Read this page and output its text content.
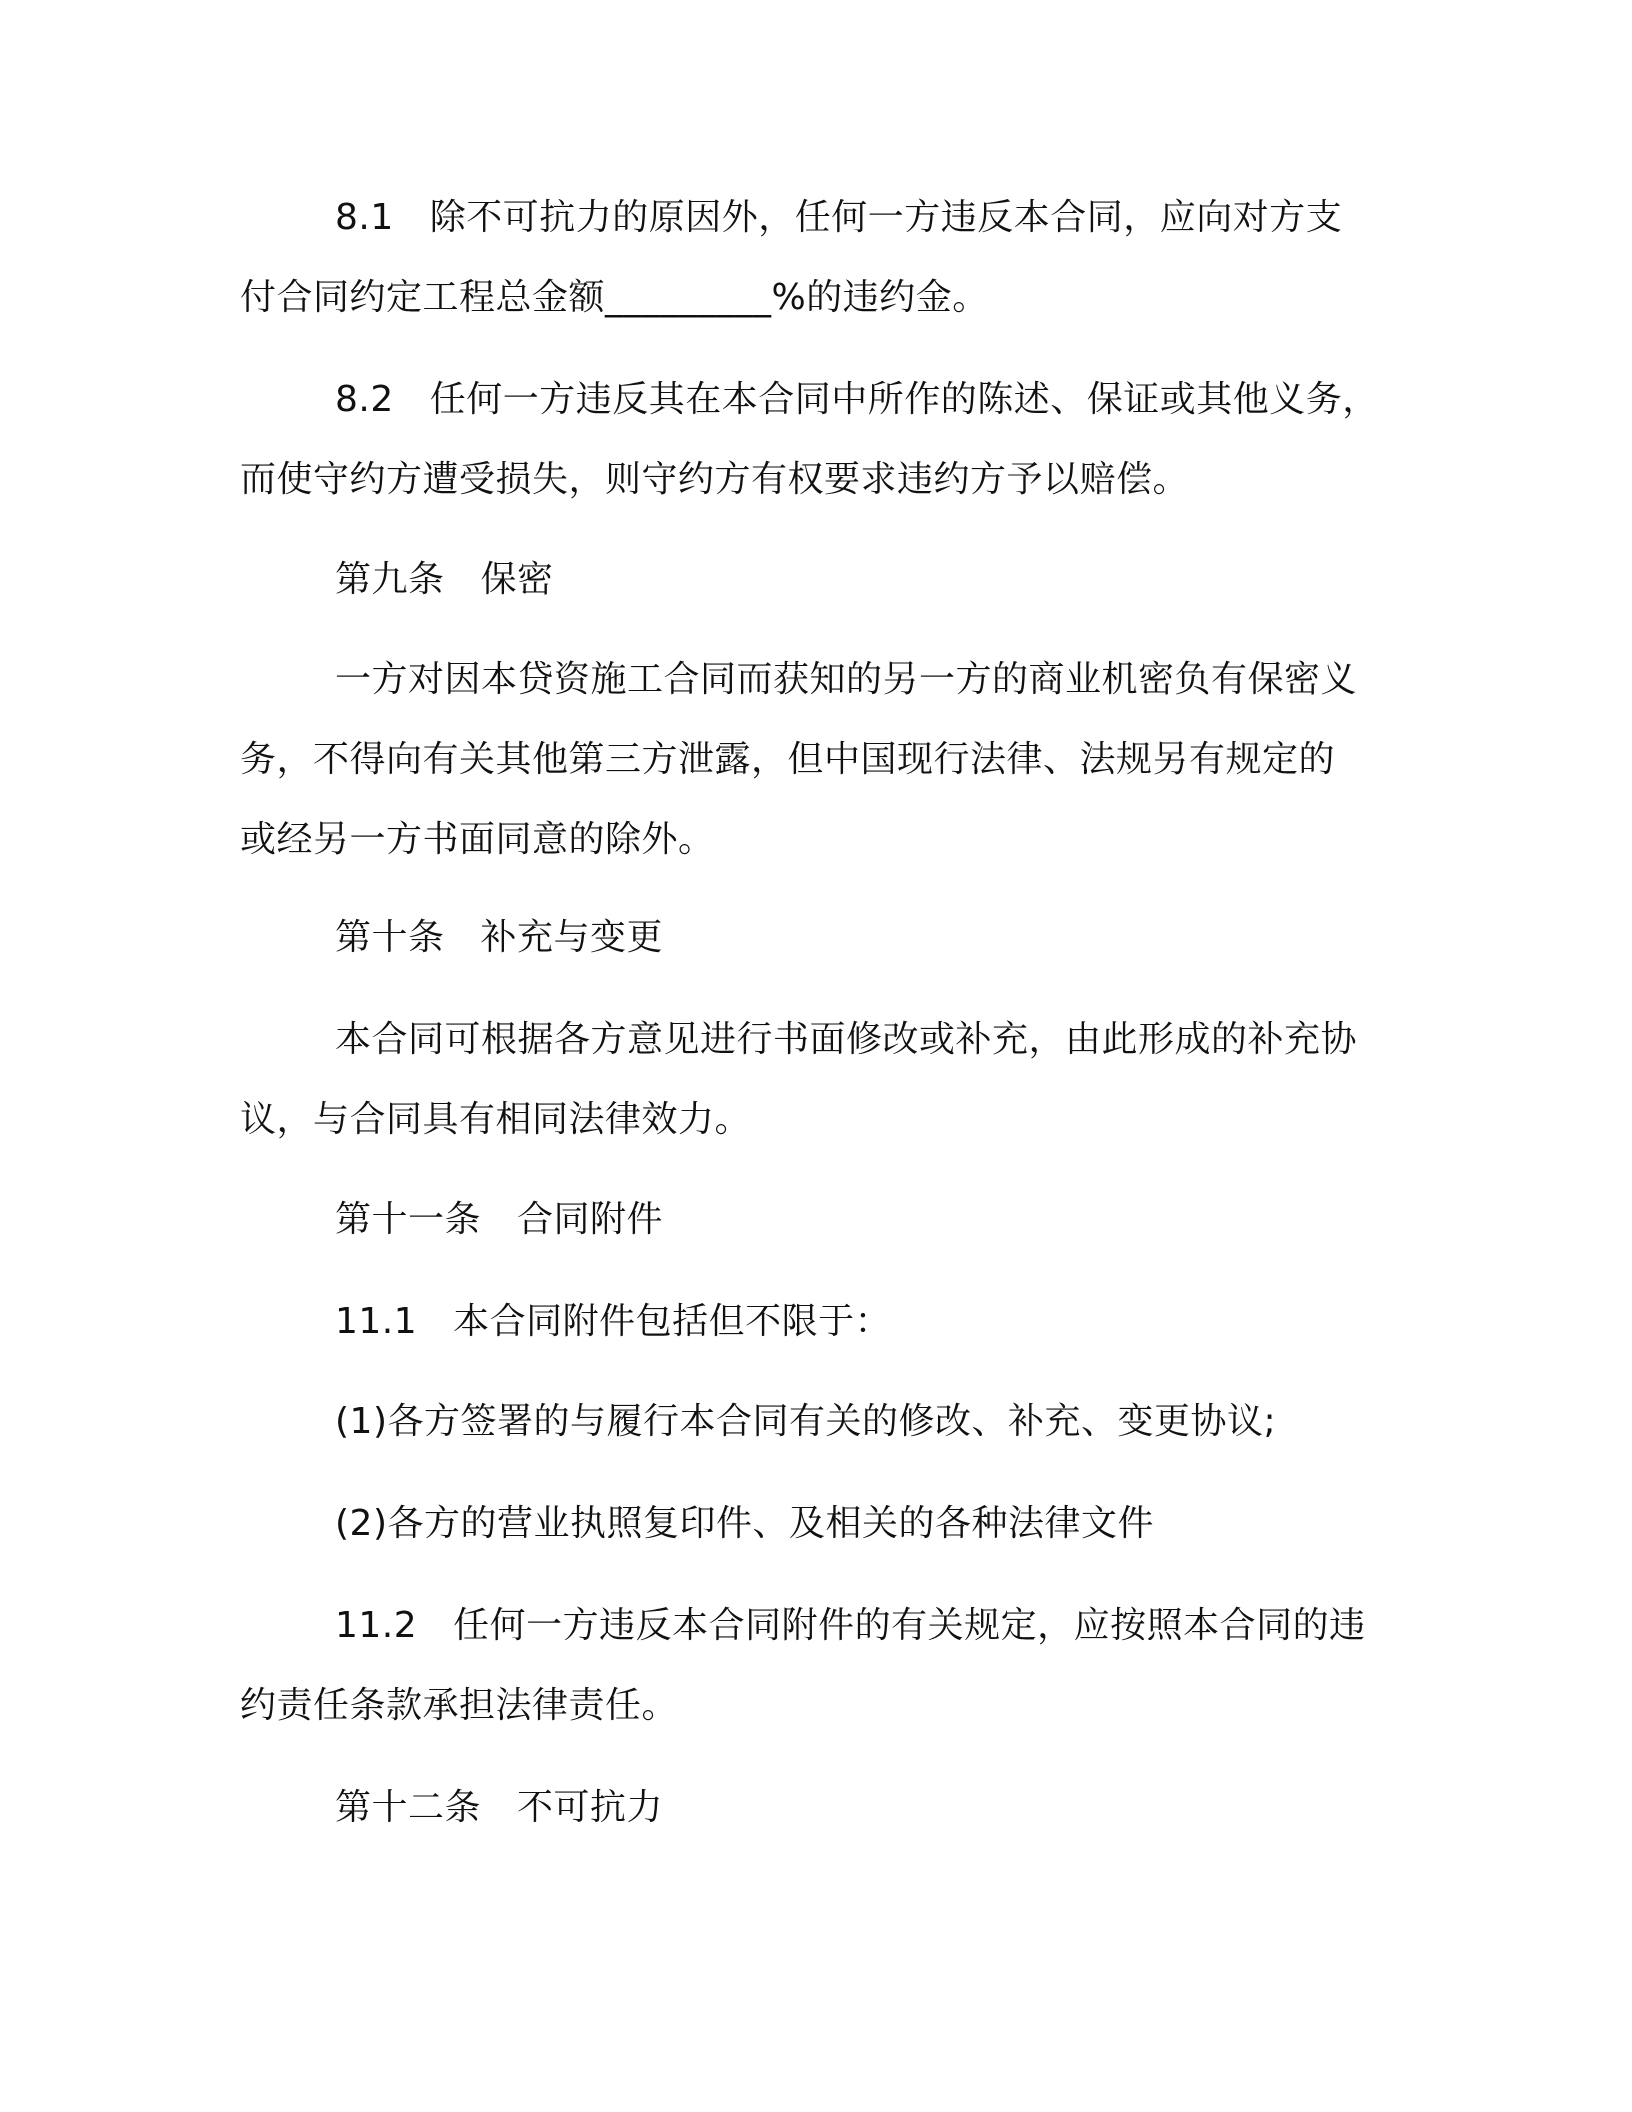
8.1 除不可抗力的原因外，任何一方违反本合同，应向对方支
付合同约定工程总金额_________%的违约金。
8.2 任何一方违反其在本合同中所作的陈述、保证或其他义务，
而使守约方遭受损失，则守约方有权要求违约方予以赔偿。
第九条 保密
一方对因本贷资施工合同而获知的另一方的商业机密负有保密义
务，不得向有关其他第三方泄露，但中国现行法律、法规另有规定的
或经另一方书面同意的除外。
第十条 补充与变更
本合同可根据各方意见进行书面修改或补充，由此形成的补充协
议，与合同具有相同法律效力。
第十一条 合同附件
11.1 本合同附件包括但不限于：
(1)各方签署的与履行本合同有关的修改、补充、变更协议;
(2)各方的营业执照复印件、及相关的各种法律文件
11.2 任何一方违反本合同附件的有关规定，应按照本合同的违
约责任条款承担法律责任。
第十二条 不可抗力
